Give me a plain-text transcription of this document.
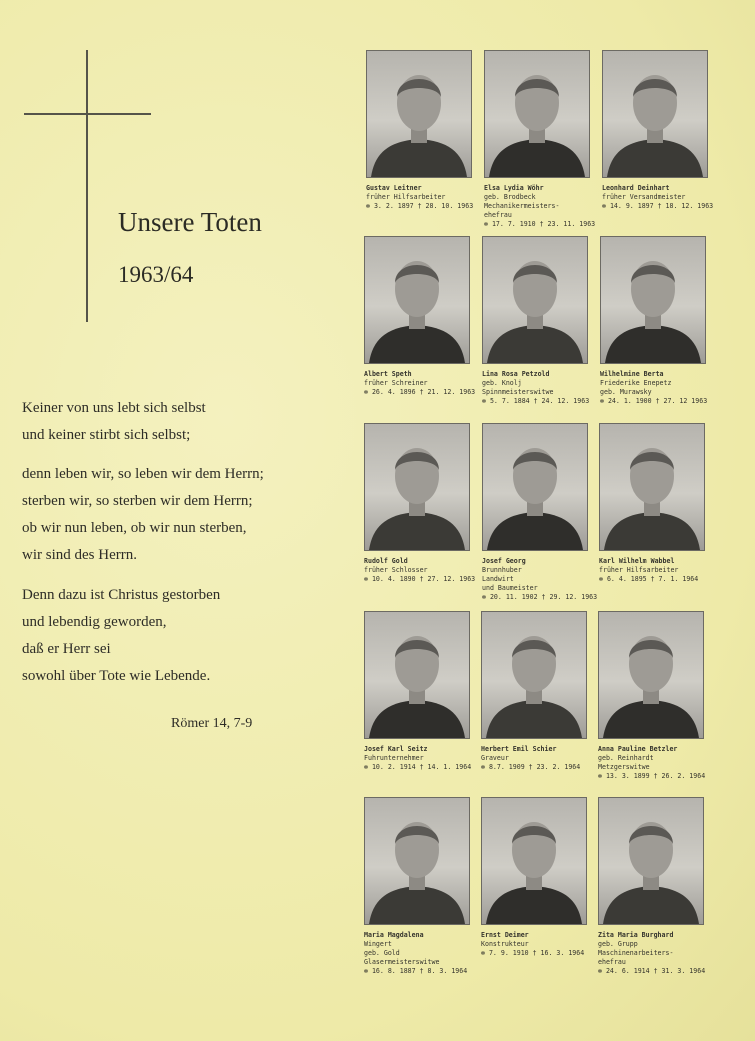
Unsere Toten
1963/64
Keiner von uns lebt sich selbst
und keiner stirbt sich selbst;
denn leben wir, so leben wir dem Herrn;
sterben wir, so sterben wir dem Herrn;
ob wir nun leben, ob wir nun sterben,
wir sind des Herrn.
Denn dazu ist Christus gestorben
und lebendig geworden,
daß er Herr sei
sowohl über Tote wie Lebende.
Römer 14, 7-9
Gustav Leitner
früher Hilfsarbeiter
✻ 3. 2. 1897 † 28. 10. 1963
Elsa Lydia Wöhr
geb. Brodbeck
Mechanikermeisters-
ehefrau
✻ 17. 7. 1910 † 23. 11. 1963
Leonhard Deinhart
früher Versandmeister
✻ 14. 9. 1897 † 18. 12. 1963
Albert Speth
früher Schreiner
✻ 26. 4. 1896 † 21. 12. 1963
Lina Rosa Petzold
geb. Knolj
Spinnmeisterswitwe
✻ 5. 7. 1884 † 24. 12. 1963
Wilhelmine Berta
Friederike Enepetz
geb. Murawsky
✻ 24. 1. 1900 † 27. 12 1963
Rudolf Gold
früher Schlosser
✻ 10. 4. 1890 † 27. 12. 1963
Josef Georg
Brunnhuber
Landwirt
und Baumeister
✻ 20. 11. 1902 † 29. 12. 1963
Karl Wilhelm Wabbel
früher Hilfsarbeiter
✻ 6. 4. 1895 † 7. 1. 1964
Josef Karl Seitz
Fuhrunternehmer
✻ 10. 2. 1914 † 14. 1. 1964
Herbert Emil Schier
Graveur
✻ 8.7. 1909 † 23. 2. 1964
Anna Pauline Betzler
geb. Reinhardt
Metzgerswitwe
✻ 13. 3. 1899 † 26. 2. 1964
Maria Magdalena
Wingert
geb. Gold
Glasermeisterswitwe
✻ 16. 8. 1887 † 8. 3. 1964
Ernst Deimer
Konstrukteur
✻ 7. 9. 1910 † 16. 3. 1964
Zita Maria Burghard
geb. Grupp
Maschinenarbeiters-
ehefrau
✻ 24. 6. 1914 † 31. 3. 1964
